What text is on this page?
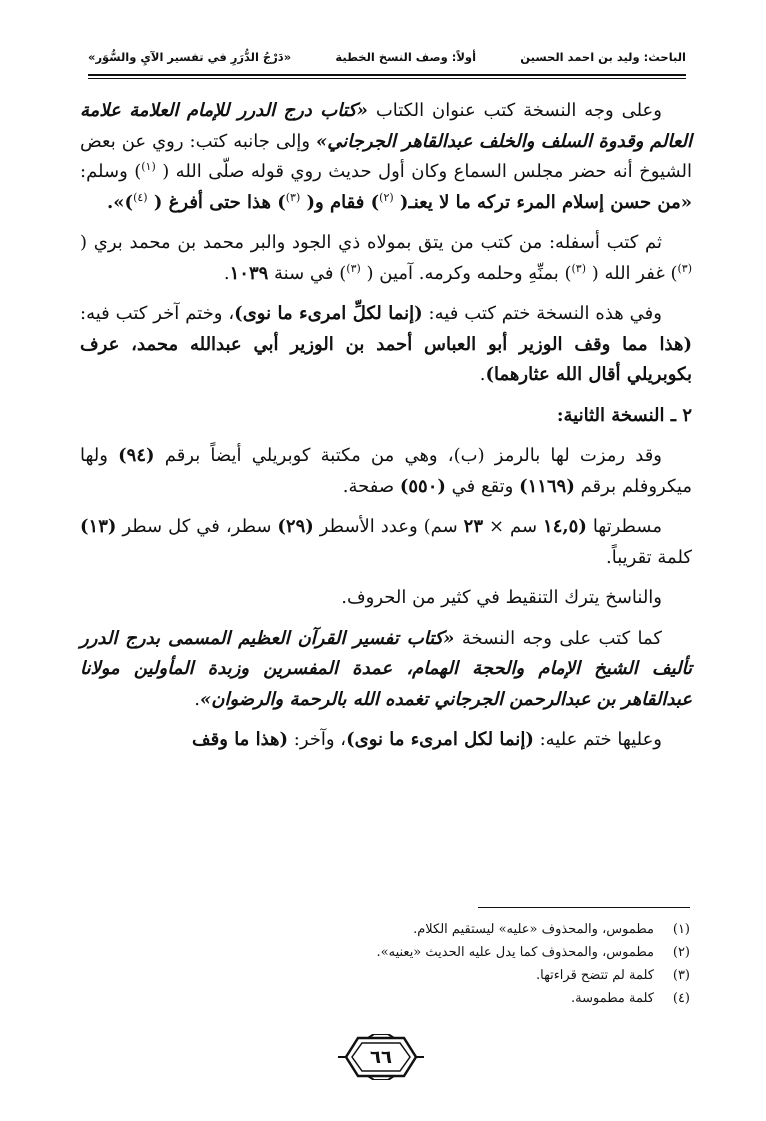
الباحث: وليد بن احمد الحسين
أولاً: وصف النسخ الخطية
«دَرْجُ الدُّرَرِ في تفسير الآيِ والسُّوَر»

وعلى وجه النسخة كتب عنوان الكتاب «كتاب درج الدرر للإمام العلامة علامة العالم وقدوة السلف والخلف عبدالقاهر الجرجاني» وإلى جانبه كتب: روي عن بعض الشيوخ أنه حضر مجلس السماع وكان أول حديث روي قوله صلّى الله ( $^{(١)}$) وسلم: «من حسن إسلام المرء تركه ما لا يعنـ( $^{(٢)}$) فقام و( $^{(٣)}$) هذا حتى أفرغ ( $^{(٤)}$)».

ثم كتب أسفله: من كتب من يتق بمولاه ذي الجود والبر محمد بن محمد بري ( $^{(٣)}$) غفر الله ( $^{(٣)}$) بمنِّهِ وحلمه وكرمه. آمين ( $^{(٣)}$) في سنة ١٠٣٩.

وفي هذه النسخة ختم كتب فيه: (إنما لكلِّ امرىء ما نوى)، وختم آخر كتب فيه: (هذا مما وقف الوزير أبو العباس أحمد بن الوزير أبي عبدالله محمد، عرف بكوبريلي أقال الله عثارهما).

٢ ـ النسخة الثانية:

وقد رمزت لها بالرمز (ب)، وهي من مكتبة كوبريلي أيضاً برقم (٩٤) ولها ميكروفلم برقم (١١٦٩) وتقع في (٥٥٠) صفحة.

مسطرتها (١٤,٥ سم × ٢٣ سم) وعدد الأسطر (٢٩) سطر، في كل سطر (١٣) كلمة تقريباً.

والناسخ يترك التنقيط في كثير من الحروف.

كما كتب على وجه النسخة «كتاب تفسير القرآن العظيم المسمى بدرج الدرر تأليف الشيخ الإمام والحجة الهمام، عمدة المفسرين وزبدة المأولين مولانا عبدالقاهر بن عبدالرحمن الجرجاني تغمده الله بالرحمة والرضوان».

وعليها ختم عليه: (إنما لكل امرىء ما نوى)، وآخر: (هذا ما وقف

(١)
مطموس، والمحذوف «عليه» ليستقيم الكلام.
(٢)
مطموس، والمحذوف كما يدل عليه الحديث «يعنيه».
(٣)
كلمة لم تتضح قراءتها.
(٤)
كلمة مطموسة.
٦٦
